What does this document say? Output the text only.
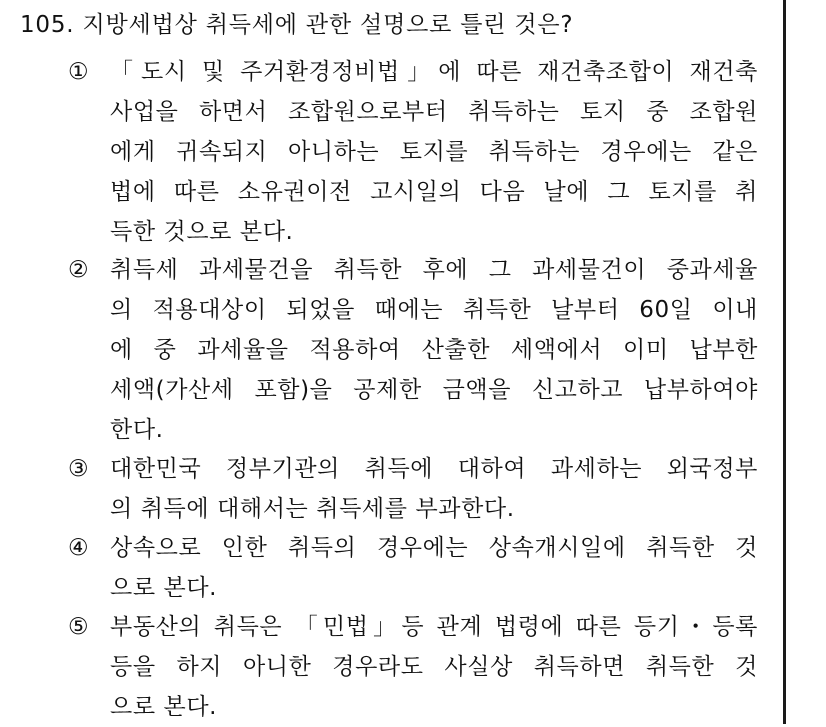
105. 지방세법상 취득세에 관한 설명으로 틀린 것은?
① 「도시 및 주거환경정비법」에 따른 재건축조합이 재건축
사업을 하면서 조합원으로부터 취득하는 토지 중 조합원
에게 귀속되지 아니하는 토지를 취득하는 경우에는 같은
법에 따른 소유권이전 고시일의 다음 날에 그 토지를 취
득한 것으로 본다.
② 취득세 과세물건을 취득한 후에 그 과세물건이 중과세율
의 적용대상이 되었을 때에는 취득한 날부터 60일 이내
에 중 과세율을 적용하여 산출한 세액에서 이미 납부한
세액(가산세 포함)을 공제한 금액을 신고하고 납부하여야
한다.
③ 대한민국 정부기관의 취득에 대하여 과세하는 외국정부
의 취득에 대해서는 취득세를 부과한다.
④ 상속으로 인한 취득의 경우에는 상속개시일에 취득한 것
으로 본다.
⑤ 부동산의 취득은 「민법」등 관계 법령에 따른 등기・등록
등을 하지 아니한 경우라도 사실상 취득하면 취득한 것
으로 본다.
